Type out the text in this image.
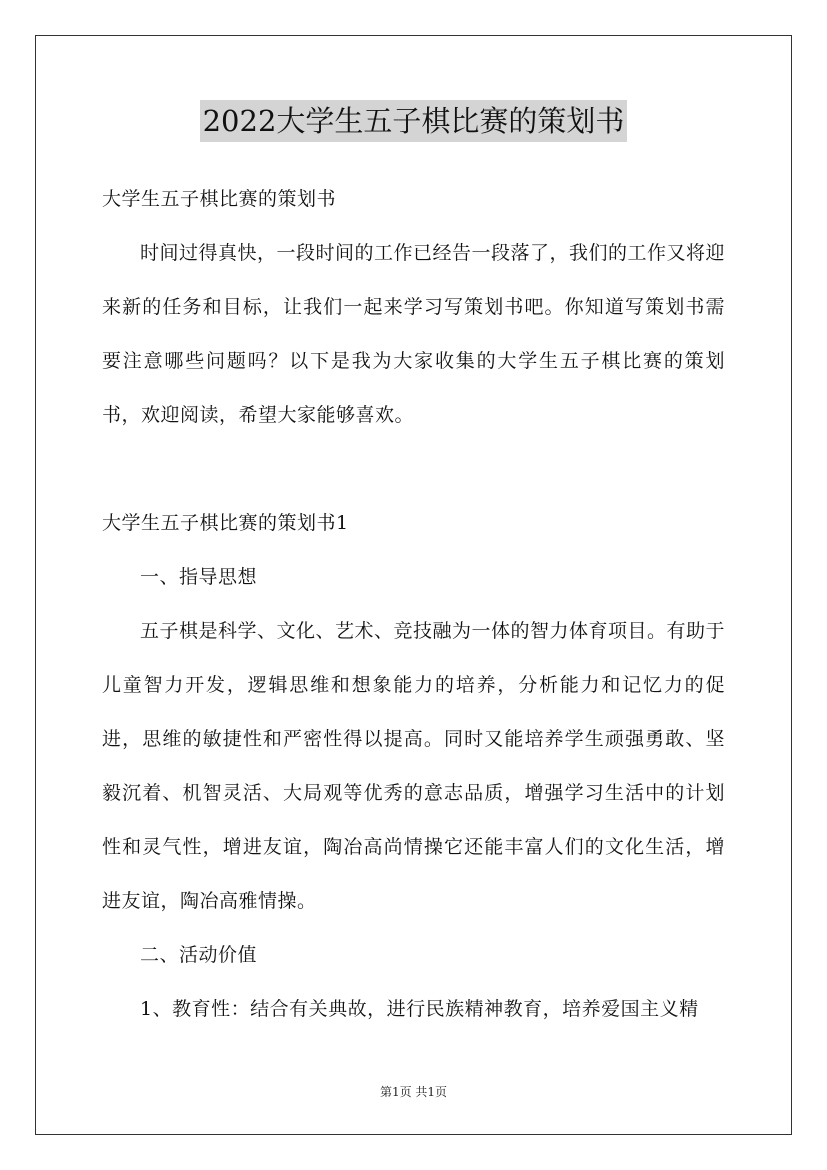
2022大学生五子棋比赛的策划书

大学生五子棋比赛的策划书

时间过得真快，一段时间的工作已经告一段落了，我们的工作又将迎来新的任务和目标，让我们一起来学习写策划书吧。你知道写策划书需要注意哪些问题吗？以下是我为大家收集的大学生五子棋比赛的策划书，欢迎阅读，希望大家能够喜欢。

大学生五子棋比赛的策划书1

一、指导思想

五子棋是科学、文化、艺术、竞技融为一体的智力体育项目。有助于儿童智力开发，逻辑思维和想象能力的培养，分析能力和记忆力的促进，思维的敏捷性和严密性得以提高。同时又能培养学生顽强勇敢、坚毅沉着、机智灵活、大局观等优秀的意志品质，增强学习生活中的计划性和灵气性，增进友谊，陶冶高尚情操它还能丰富人们的文化生活，增进友谊，陶冶高雅情操。

二、活动价值

1、教育性：结合有关典故，进行民族精神教育，培养爱国主义精

第1页 共1页
